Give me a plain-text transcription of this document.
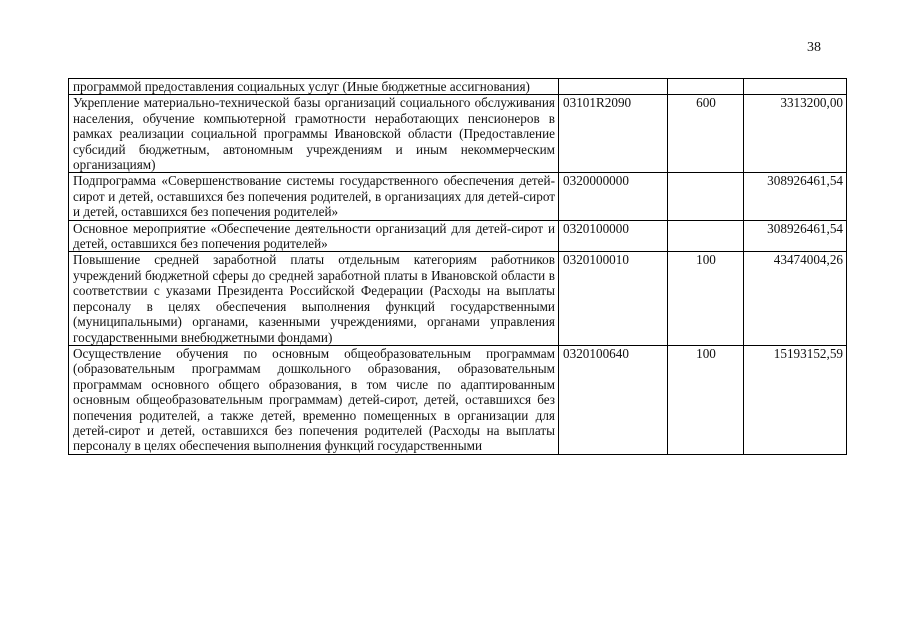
38
программой предоставления социальных услуг (Иные бюджетные ассигнования)			
Укрепление материально-технической базы организаций социального обслуживания населения, обучение компьютерной грамотности неработающих пенсионеров в рамках реализации социальной программы Ивановской области (Предоставление субсидий бюджетным, автономным учреждениям и иным некоммерческим организациям)	03101R2090	600	3313200,00
Подпрограмма «Совершенствование системы государственного обеспечения детей-сирот и детей, оставшихся без попечения родителей, в организациях для детей-сирот и детей, оставшихся без попечения родителей»	0320000000		308926461,54
Основное мероприятие «Обеспечение деятельности организаций для детей-сирот и детей, оставшихся без попечения родителей»	0320100000		308926461,54
Повышение средней заработной платы отдельным категориям работников учреждений бюджетной сферы до средней заработной платы в Ивановской области в соответствии с указами Президента Российской Федерации (Расходы на выплаты персоналу в целях обеспечения выполнения функций государственными (муниципальными) органами, казенными учреждениями, органами управления государственными внебюджетными фондами)	0320100010	100	43474004,26
Осуществление обучения по основным общеобразовательным программам (образовательным программам дошкольного образования, образовательным программам основного общего образования, в том числе по адаптированным основным общеобразовательным программам) детей-сирот, детей, оставшихся без попечения родителей, а также детей, временно помещенных в организации для детей-сирот и детей, оставшихся без попечения родителей (Расходы на выплаты персоналу в целях обеспечения выполнения функций государственными	0320100640	100	15193152,59
